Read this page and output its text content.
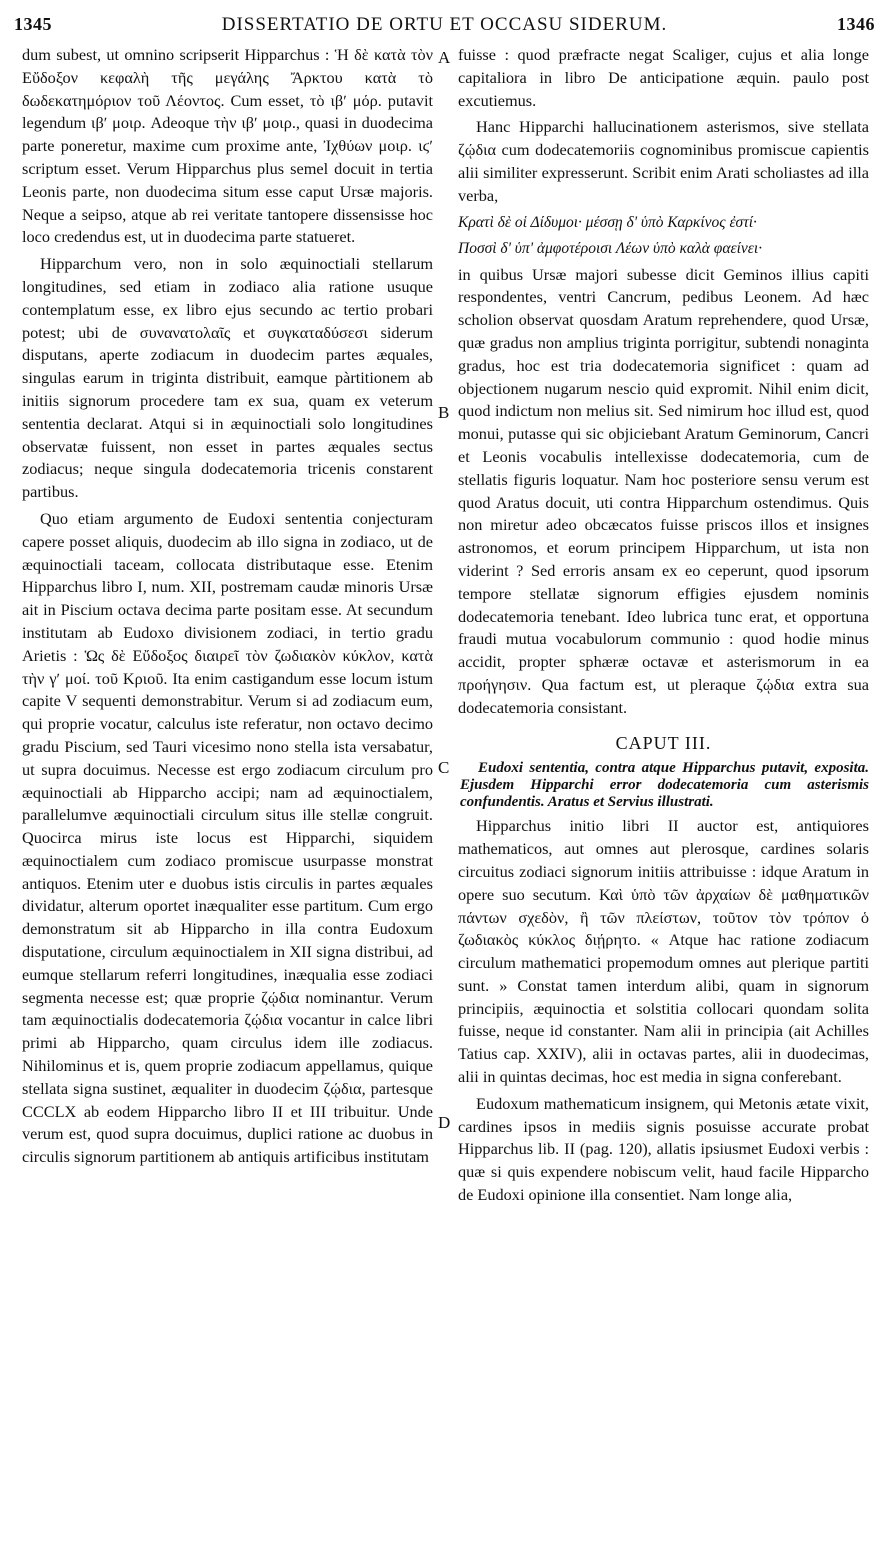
1345	DISSERTATIO DE ORTU ET OCCASU SIDERUM.	1346
A
B
C
D

dum subest, ut omnino scripserit Hipparchus : Ἡ δὲ κατὰ τὸν Εὔδοξον κεφαλὴ τῆς μεγάλης Ἄρκτου κατὰ τὸ δωδεκατημόριον τοῦ Λέοντος. Cum esset, τὸ ιβʹ μόρ. putavit legendum ιβʹ μοιρ. Adeoque τὴν ιβʹ μοιρ., quasi in duodecima parte poneretur, maxime cum proxime ante, Ἰχθύων μοιρ. ιϛʹ scriptum esset. Verum Hipparchus plus semel docuit in tertia Leonis parte, non duodecima situm esse caput Ursæ majoris. Neque a seipso, atque ab rei veritate tantopere dissensisse hoc loco credendus est, ut in duodecima parte statueret.

Hipparchum vero, non in solo æquinoctiali stellarum longitudines, sed etiam in zodiaco alia ratione usuque contemplatum esse, ex libro ejus secundo ac tertio probari potest; ubi de συνανατολαῖς et συγκαταδύσεσι siderum disputans, aperte zodiacum in duodecim partes æquales, singulas earum in triginta distribuit, eamque pàrtitionem ab initiis signorum procedere tam ex sua, quam ex veterum sententia declarat. Atqui si in æquinoctiali solo longitudines observatæ fuissent, non esset in partes æquales sectus zodiacus; neque singula dodecatemoria tricenis constarent partibus.

Quo etiam argumento de Eudoxi sententia conjecturam capere posset aliquis, duodecim ab illo signa in zodiaco, ut de æquinoctiali taceam, collocata distributaque esse. Etenim Hipparchus libro I, num. XII, postremam caudæ minoris Ursæ ait in Piscium octava decima parte positam esse. At secundum institutam ab Eudoxo divisionem zodiaci, in tertio gradu Arietis : Ὡς δὲ Εὔδοξος διαιρεῖ τὸν ζωδιακὸν κύκλον, κατὰ τὴν γʹ μοί. τοῦ Κριοῦ. Ita enim castigandum esse locum istum capite V sequenti demonstrabitur. Verum si ad zodiacum eum, qui proprie vocatur, calculus iste referatur, non octavo decimo gradu Piscium, sed Tauri vicesimo nono stella ista versabatur, ut supra docuimus. Necesse est ergo zodiacum circulum pro æquinoctiali ab Hipparcho accipi; nam ad æquinoctialem, parallelumve æquinoctiali circulum situs ille stellæ congruit. Quocirca mirus iste locus est Hipparchi, siquidem æquinoctialem cum zodiaco promiscue usurpasse monstrat antiquos. Etenim uter e duobus istis circulis in partes æquales dividatur, alterum oportet inæqualiter esse partitum. Cum ergo demonstratum sit ab Hipparcho in illa contra Eudoxum disputatione, circulum æquinoctialem in XII signa distribui, ad eumque stellarum referri longitudines, inæqualia esse zodiaci segmenta necesse est; quæ proprie ζῴδια nominantur. Verum tam æquinoctialis dodecatemoria ζῴδια vocantur in calce libri primi ab Hipparcho, quam circulus idem ille zodiacus. Nihilominus et is, quem proprie zodiacum appellamus, quique stellata signa sustinet, æqualiter in duodecim ζῴδια, partesque CCCLX ab eodem Hipparcho libro II et III tribuitur. Unde verum est, quod supra docuimus, duplici ratione ac duobus in circulis signorum partitionem ab antiquis artificibus institutam

fuisse : quod præfracte negat Scaliger, cujus et alia longe capitaliora in libro De anticipatione æquin. paulo post excutiemus.

Hanc Hipparchi hallucinationem asterismos, sive stellata ζῴδια cum dodecatemoriis cognominibus promiscue capientis alii similiter expresserunt. Scribit enim Arati scholiastes ad illa verba,

Κρατὶ δὲ οἱ Δίδυμοι· μέσσῃ δ' ὑπὸ Καρκίνος ἐστί·

Ποσσὶ δ' ὑπ' ἀμφοτέροισι Λέων ὑπὸ καλὰ φαείνει·

in quibus Ursæ majori subesse dicit Geminos illius capiti respondentes, ventri Cancrum, pedibus Leonem. Ad hæc scholion observat quosdam Aratum reprehendere, quod Ursæ, quæ gradus non amplius triginta porrigitur, subtendi nonaginta gradus, hoc est tria dodecatemoria significet : quam ad objectionem nugarum nescio quid expromit. Nihil enim dicit, quod indictum non melius sit. Sed nimirum hoc illud est, quod monui, putasse qui sic objiciebant Aratum Geminorum, Cancri et Leonis vocabulis intellexisse dodecatemoria, cum de stellatis figuris loquatur. Nam hoc posteriore sensu verum est quod Aratus docuit, uti contra Hipparchum ostendimus. Quis non miretur adeo obcæcatos fuisse priscos illos et insignes astronomos, et eorum principem Hipparchum, ut ista non viderint ? Sed erroris ansam ex eo ceperunt, quod ipsorum tempore stellatæ signorum effigies ejusdem nominis dodecatemoria tenebant. Ideo lubrica tunc erat, et opportuna fraudi mutua vocabulorum communio : quod hodie minus accidit, propter sphæræ octavæ et asterismorum in ea προήγησιν. Qua factum est, ut pleraque ζῴδια extra sua dodecatemoria consistant.

CAPUT III.

Eudoxi sententia, contra atque Hipparchus putavit, exposita. Ejusdem Hipparchi error dodecatemoria cum asterismis confundentis. Aratus et Servius illustrati.

Hipparchus initio libri II auctor est, antiquiores mathematicos, aut omnes aut plerosque, cardines solaris circuitus zodiaci signorum initiis attribuisse : idque Aratum in opere suo secutum. Καὶ ὑπὸ τῶν ἀρχαίων δὲ μαθηματικῶν πάντων σχεδὸν, ἢ τῶν πλείστων, τοῦτον τὸν τρόπον ὁ ζωδιακὸς κύκλος διῄρητο. « Atque hac ratione zodiacum circulum mathematici propemodum omnes aut plerique partiti sunt. » Constat tamen interdum alibi, quam in signorum principiis, æquinoctia et solstitia collocari quondam solita fuisse, neque id constanter. Nam alii in principia (ait Achilles Tatius cap. XXIV), alii in octavas partes, alii in duodecimas, alii in quintas decimas, hoc est media in signa conferebant.

Eudoxum mathematicum insignem, qui Metonis ætate vixit, cardines ipsos in mediis signis posuisse accurate probat Hipparchus lib. II (pag. 120), allatis ipsiusmet Eudoxi verbis : quæ si quis expendere nobiscum velit, haud facile Hipparcho de Eudoxi opinione illa consentiet. Nam longe alia,
